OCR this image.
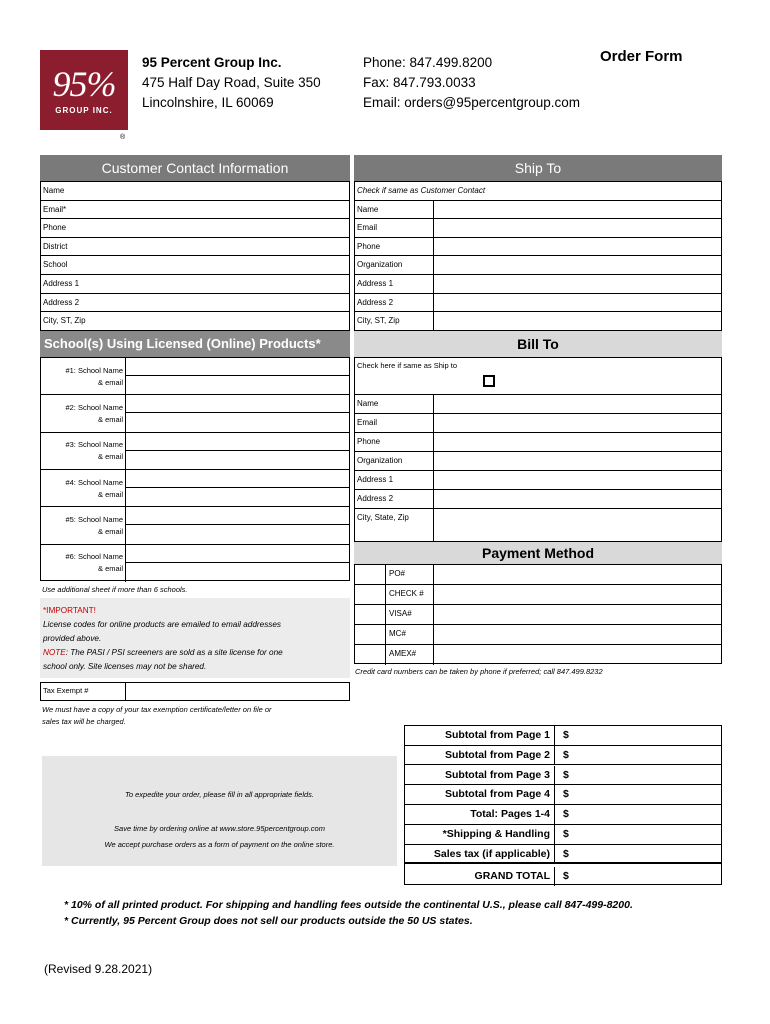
95%
GROUP INC.
®
95 Percent Group Inc.
475 Half Day Road, Suite 350
Lincolnshire, IL 60069
Phone: 847.499.8200
Fax: 847.793.0033
Email: orders@95percentgroup.com
Order Form
Customer Contact Information
Name
Email*
Phone
District
School
Address 1
Address 2
City, ST, Zip
Ship To
Check if same as Customer Contact
Name
Email
Phone
Organization
Address 1
Address 2
City, ST, Zip
School(s) Using Licensed (Online) Products*
#1: School Name
& email
#2: School Name
& email
#3: School Name
& email
#4: School Name
& email
#5: School Name
& email
#6: School Name
& email
Use additional sheet if more than 6 schools.
*IMPORTANT!
License codes for online products are emailed to email addresses
provided above.
NOTE: The PASI / PSI screeners are sold as a site license for one
school only. Site licenses may not be shared.
Bill To
Check here if same as Ship to
Name
Email
Phone
Organization
Address 1
Address 2
City, State, Zip
Payment Method
PO#
CHECK #
VISA#
MC#
AMEX#
Credit card numbers can be taken by phone if preferred; call 847.499.8232
Tax Exempt #
We must have a copy of your tax exemption certificate/letter on file or
sales tax will be charged.
To expedite your order, please fill in all appropriate fields.
Save time by ordering online at www.store.95percentgroup.com
We accept purchase orders as a form of payment on the online store.
Subtotal from Page 1	$
Subtotal from Page 2	$
Subtotal from Page 3	$
Subtotal from Page 4	$
Total: Pages 1-4	$
*Shipping & Handling	$
Sales tax (if applicable)	$
GRAND TOTAL	$
* 10% of all printed product. For shipping and handling fees outside the continental U.S., please call 847-499-8200.
* Currently, 95 Percent Group does not sell our products outside the 50 US states.
(Revised 9.28.2021)
